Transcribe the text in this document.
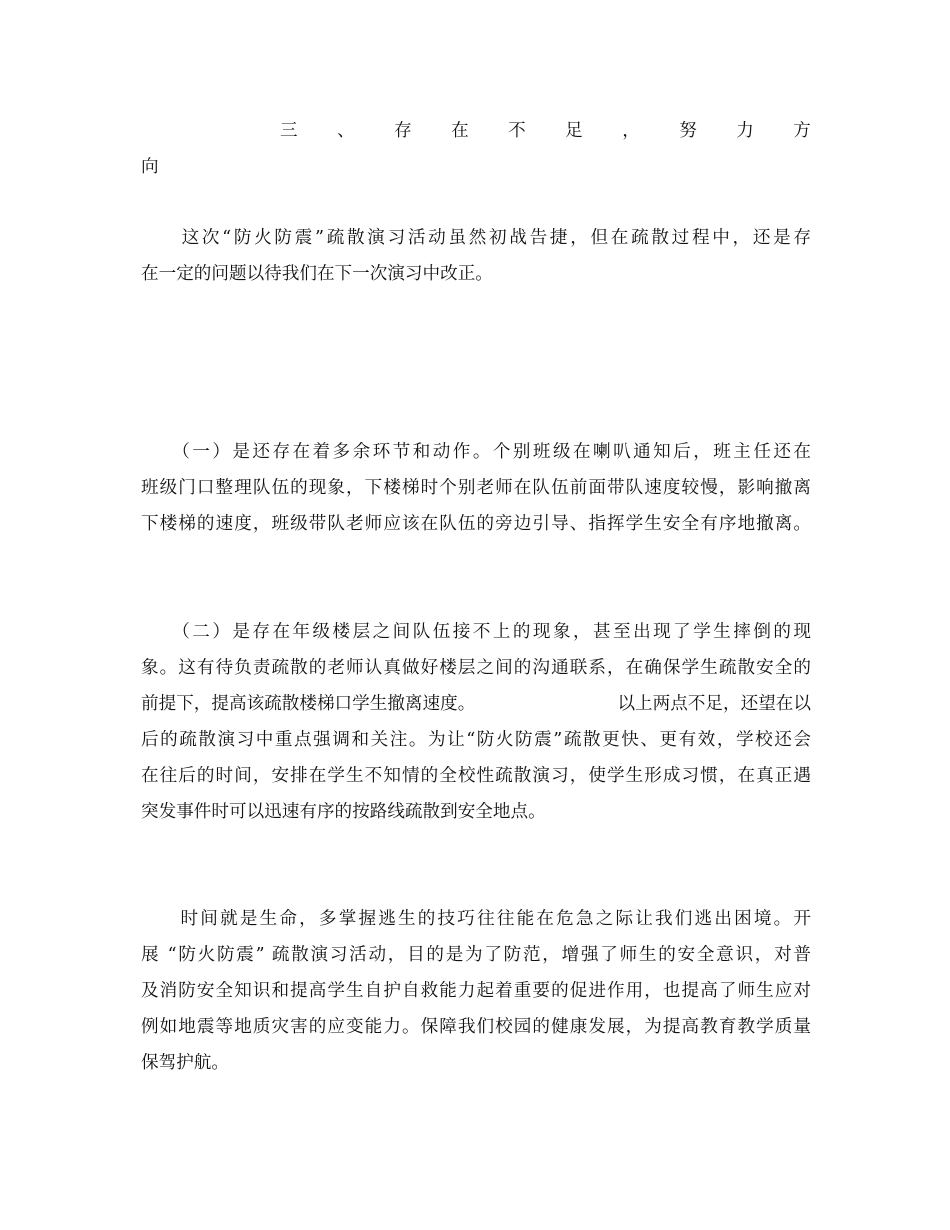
三 、 存 在 不 足 ， 努 力 方
向
　　这次“防火防震”疏散演习活动虽然初战告捷，但在疏散过程中，还是存
在一定的问题以待我们在下一次演习中改正。
　　（一）是还存在着多余环节和动作。个别班级在喇叭通知后，班主任还在
班级门口整理队伍的现象，下楼梯时个别老师在队伍前面带队速度较慢，影响撤离
下楼梯的速度，班级带队老师应该在队伍的旁边引导、指挥学生安全有序地撤离。
　　（二）是存在年级楼层之间队伍接不上的现象，甚至出现了学生摔倒的现
象。这有待负责疏散的老师认真做好楼层之间的沟通联系，在确保学生疏散安全的
前提下，提高该疏散楼梯口学生撤离速度。	以上两点不足，还望在以
后的疏散演习中重点强调和关注。为让“防火防震”疏散更快、更有效，学校还会
在往后的时间，安排在学生不知情的全校性疏散演习，使学生形成习惯，在真正遇
突发事件时可以迅速有序的按路线疏散到安全地点。
　　时间就是生命，多掌握逃生的技巧往往能在危急之际让我们逃出困境。开
展 “防火防震” 疏散演习活动，目的是为了防范，增强了师生的安全意识，对普
及消防安全知识和提高学生自护自救能力起着重要的促进作用，也提高了师生应对
例如地震等地质灾害的应变能力。保障我们校园的健康发展，为提高教育教学质量
保驾护航。
